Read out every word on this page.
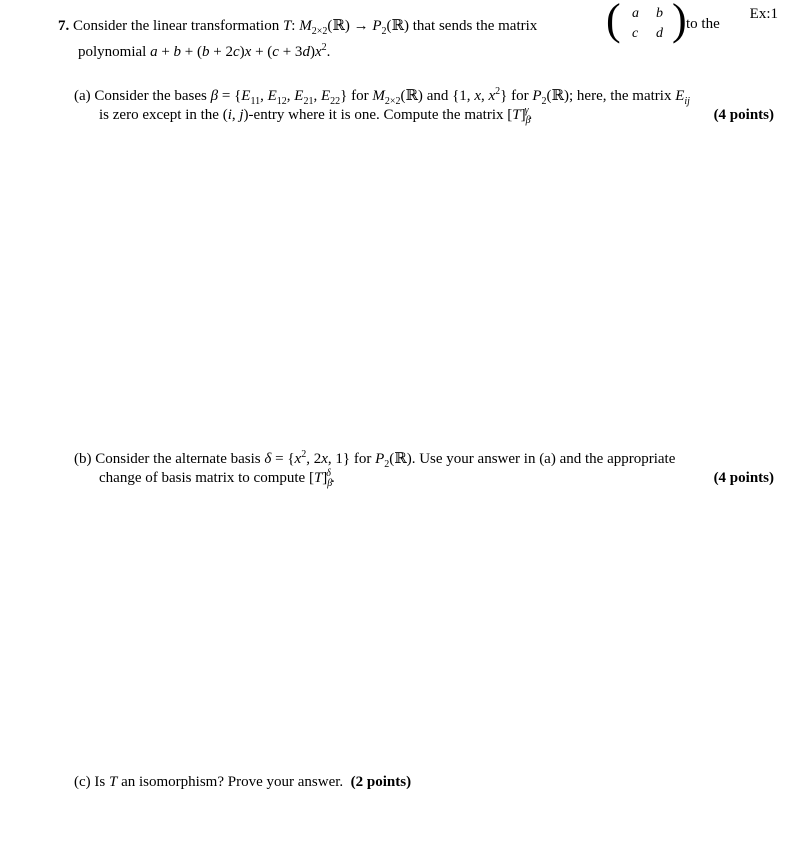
Ex:1
7. Consider the linear transformation T: $M_{2\times 2}(ℝ)$ → $P_2(ℝ)$ that sends the matrix ( a b
c d ) to the
polynomial $a + b + (b + 2c)x + (c + 3d)x^2$.
(a) Consider the bases $\beta = \{E_{11}$, $E_{12}$, $E_{21}$, $E_{22}$} for $M_{2\times 2}(ℝ)$ and {1, x, $x^2$} for $P_2(ℝ)$; here, the matrix $E_{ij}$
is zero except in the (i, j)-entry where it is one. Compute the matrix $[T]_\beta^\gamma$.	(4 points)
(b) Consider the alternate basis $\delta = \{x^2$, 2x, 1} for $P_2(ℝ)$. Use your answer in (a) and the appropriate
change of basis matrix to compute $[T]_\beta^\delta$.	(4 points)
(c) Is T an isomorphism? Prove your answer. (2 points)
